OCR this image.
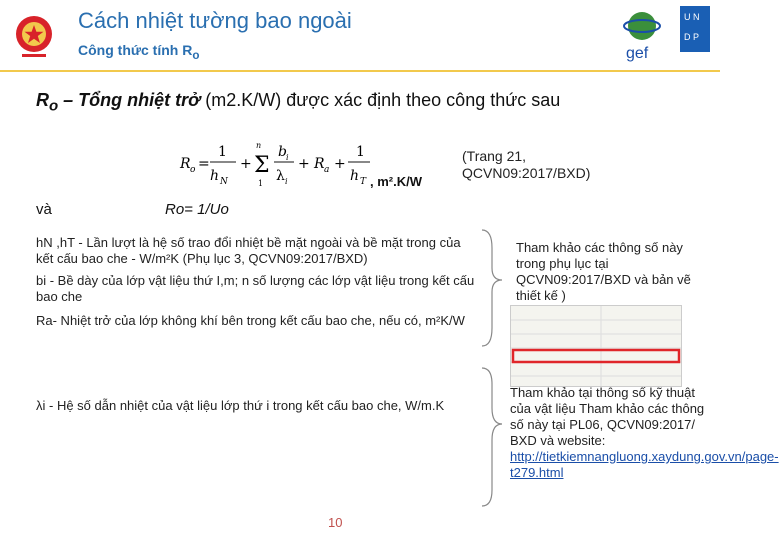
gef
U N
D P
Cách nhiệt tường bao ngoài
Công thức tính $R_o$
$R_o$ – Tổng nhiệt trở (m2.K/W) được xác định theo công thức sau
R o =
1
h N
+ Σ
n
1
b i
λ i
+ R a +
1
h T , m².K/W
(Trang 21,
QCVN09:2017/BXD)
và	Ro= 1/Uo
hN ,hT - Lần lượt là hệ số trao đổi nhiệt bề mặt ngoài và bề mặt trong của kết cấu bao che - W/m²K (Phụ lục 3, QCVN09:2017/BXD)
bi - Bề dày của lớp vật liệu thứ I,m; n số lượng các lớp vật liệu trong kết cấu bao che
Ra- Nhiệt trở của lớp không khí bên trong kết cấu bao che, nếu có, m²K/W
λi - Hệ số dẫn nhiệt của vật liệu lớp thứ i trong kết cấu bao che, W/m.K
Tham khảo các thông số này trong phụ lục tại QCVN09:2017/BXD và bản vẽ thiết kế )
Tham khảo tại thông số kỹ thuật của vật liệu Tham khảo các thông số này tại PL06, QCVN09:2017/ BXD và website: http://tietkiemnangluong.xaydung.gov.vn/page-t279.html
10
